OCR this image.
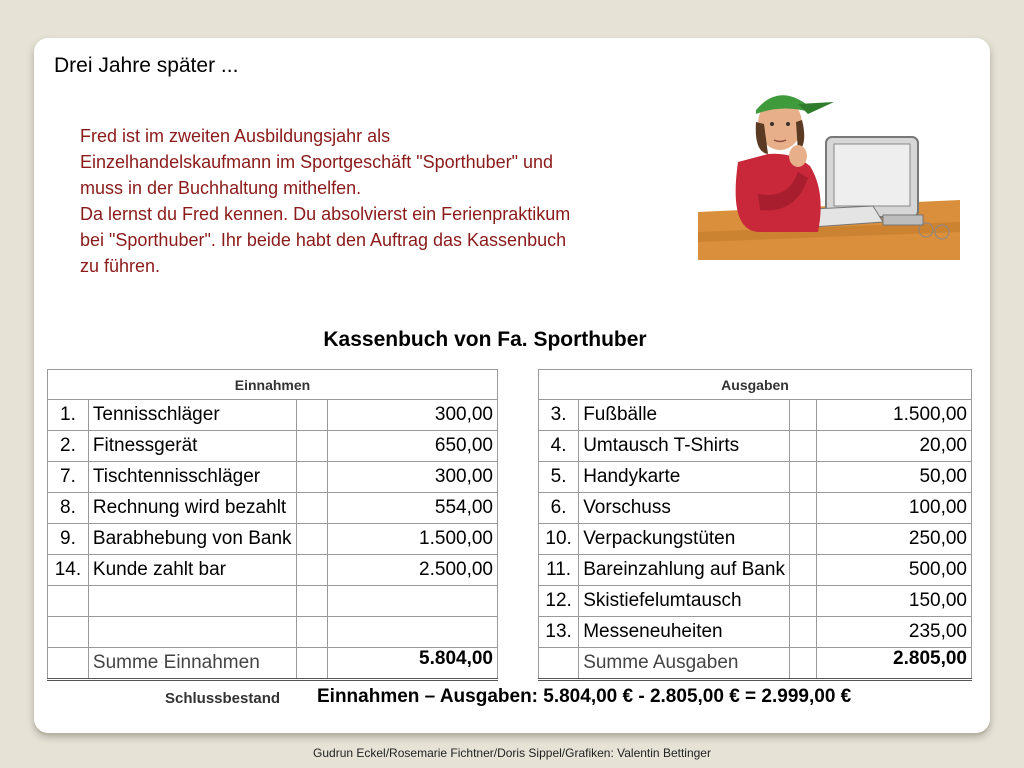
Drei Jahre später ...

Fred ist im zweiten Ausbildungsjahr als

Einzelhandelskaufmann im Sportgeschäft "Sporthuber" und

muss in der Buchhaltung mithelfen.

Da lernst du Fred kennen. Du absolvierst ein Ferienpraktikum

bei "Sporthuber". Ihr beide habt den Auftrag das Kassenbuch

zu führen.

Kassenbuch von Fa. Sporthuber
Einnahmen			
1.	Tennisschläger		300,00
2.	Fitnessgerät		650,00
7.	Tischtennisschläger		300,00
8.	Rechnung wird bezahlt		554,00
9.	Barabhebung von Bank		1.500,00
14.	Kunde zahlt bar		2.500,00

	Summe Einnahmen		5.804,00
Ausgaben			
3.	Fußbälle		1.500,00
4.	Umtausch T-Shirts		20,00
5.	Handykarte		50,00
6.	Vorschuss		100,00
10.	Verpackungstüten		250,00
11.	Bareinzahlung auf Bank		500,00
12.	Skistiefelumtausch		150,00
13.	Messeneuheiten		235,00
	Summe Ausgaben		2.805,00
Schlussbestand Einnahmen – Ausgaben: 5.804,00 € - 2.805,00 € = 2.999,00 €
Gudrun Eckel/Rosemarie Fichtner/Doris Sippel/Grafiken: Valentin Bettinger
